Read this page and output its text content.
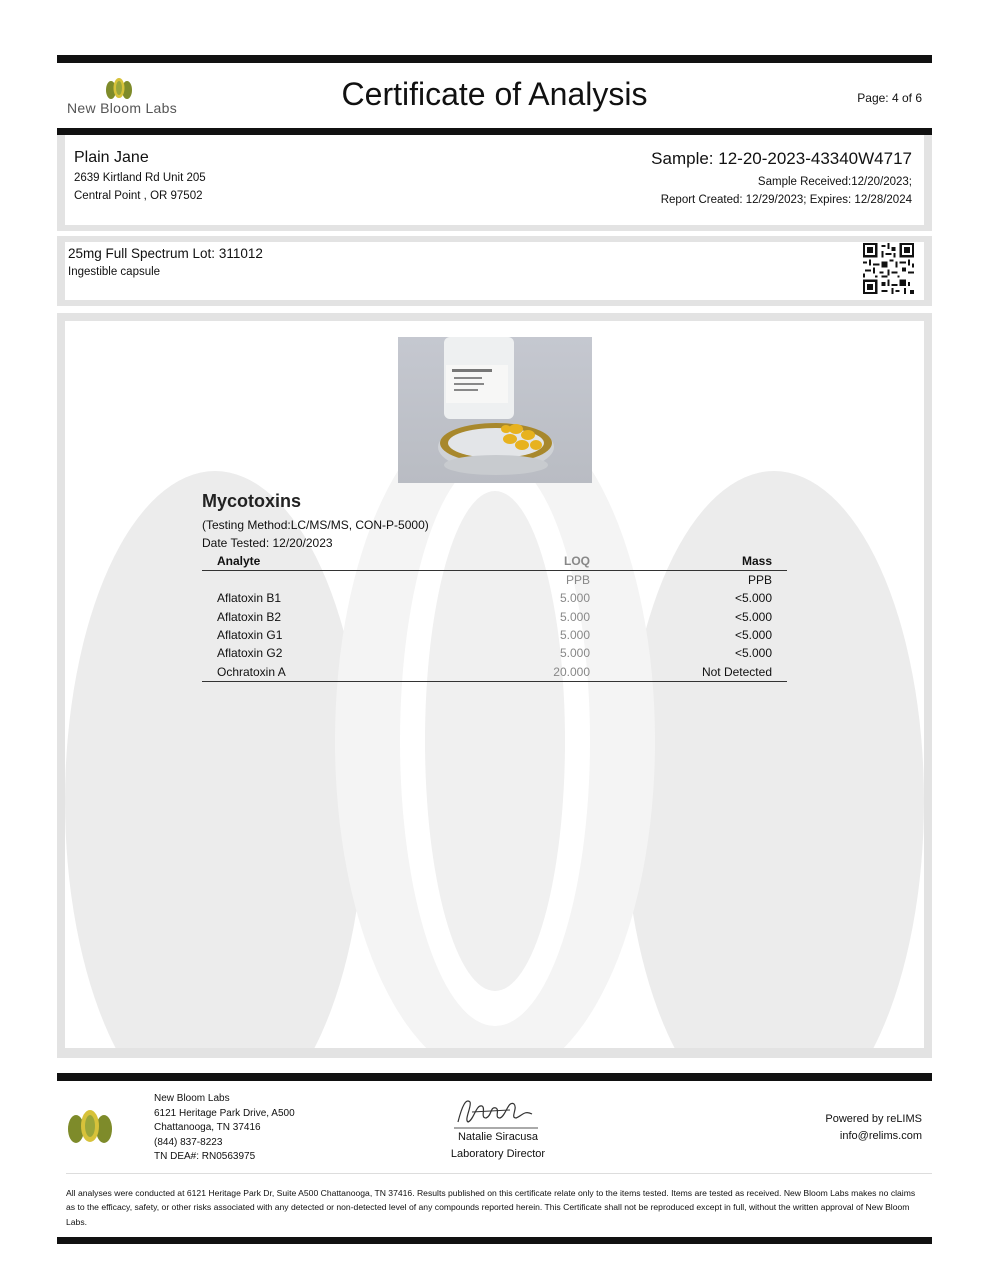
New Bloom Labs	Certificate of Analysis	Page: 4 of 6
Plain Jane
2639 Kirtland Rd Unit 205
Central Point , OR 97502
Sample: 12-20-2023-43340W4717
Sample Received:12/20/2023;
Report Created: 12/29/2023; Expires: 12/28/2024
25mg Full Spectrum Lot: 311012
Ingestible capsule
Mycotoxins
(Testing Method:LC/MS/MS, CON-P-5000)
Date Tested: 12/20/2023
Analyte	LOQ	Mass
	PPB	PPB
Aflatoxin B1	5.000	<5.000
Aflatoxin B2	5.000	<5.000
Aflatoxin G1	5.000	<5.000
Aflatoxin G2	5.000	<5.000
Ochratoxin A	20.000	Not Detected
New Bloom Labs
6121 Heritage Park Drive, A500
Chattanooga, TN 37416
(844) 837-8223
TN DEA#: RN0563975
Natalie Siracusa
Laboratory Director
Powered by reLIMS
info@relims.com
All analyses were conducted at 6121 Heritage Park Dr, Suite A500 Chattanooga, TN 37416. Results published on this certificate relate only to the items tested. Items are tested as received. New Bloom Labs makes no claims as to the efficacy, safety, or other risks associated with any detected or non-detected level of any compounds reported herein. This Certificate shall not be reproduced except in full, without the written approval of New Bloom Labs.
